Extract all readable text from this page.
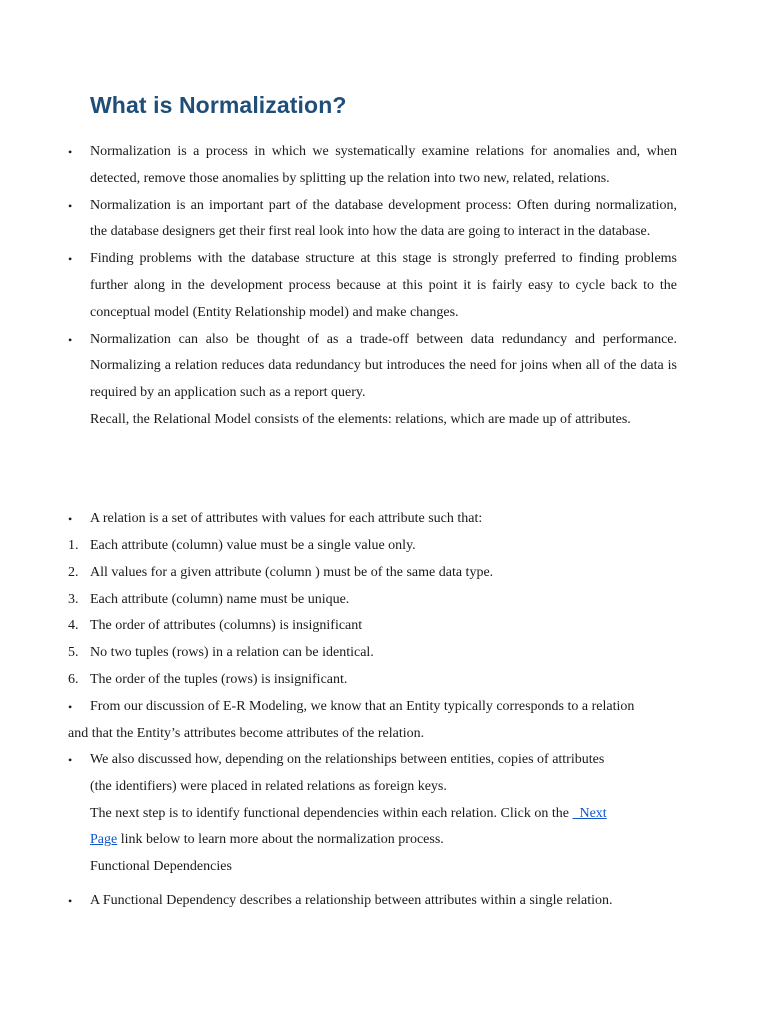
What is Normalization?

• Normalization is a process in which we systematically examine relations for anomalies and, when detected, remove those anomalies by splitting up the relation into two new, related, relations.

• Normalization is an important part of the database development process: Often during normalization, the database designers get their first real look into how the data are going to interact in the database.

• Finding problems with the database structure at this stage is strongly preferred to finding problems further along in the development process because at this point it is fairly easy to cycle back to the conceptual model (Entity Relationship model) and make changes.

• Normalization can also be thought of as a trade-off between data redundancy and performance. Normalizing a relation reduces data redundancy but introduces the need for joins when all of the data is required by an application such as a report query.

Recall, the Relational Model consists of the elements: relations, which are made up of attributes.

• A relation is a set of attributes with values for each attribute such that:

1. Each attribute (column) value must be a single value only.
2. All values for a given attribute (column ) must be of the same data type.
3. Each attribute (column) name must be unique.
4. The order of attributes (columns) is insignificant
5. No two tuples (rows) in a relation can be identical.
6. The order of the tuples (rows) is insignificant.

• From our discussion of E-R Modeling, we know that an Entity typically corresponds to a relation

and that the Entity’s attributes become attributes of the relation.

• We also discussed how, depending on the relationships between entities, copies of attributes

(the identifiers) were placed in related relations as foreign keys.

The next step is to identify functional dependencies within each relation. Click on the   Next
Page link below to learn more about the normalization process.

Functional Dependencies

• A Functional Dependency describes a relationship between attributes within a single relation.
